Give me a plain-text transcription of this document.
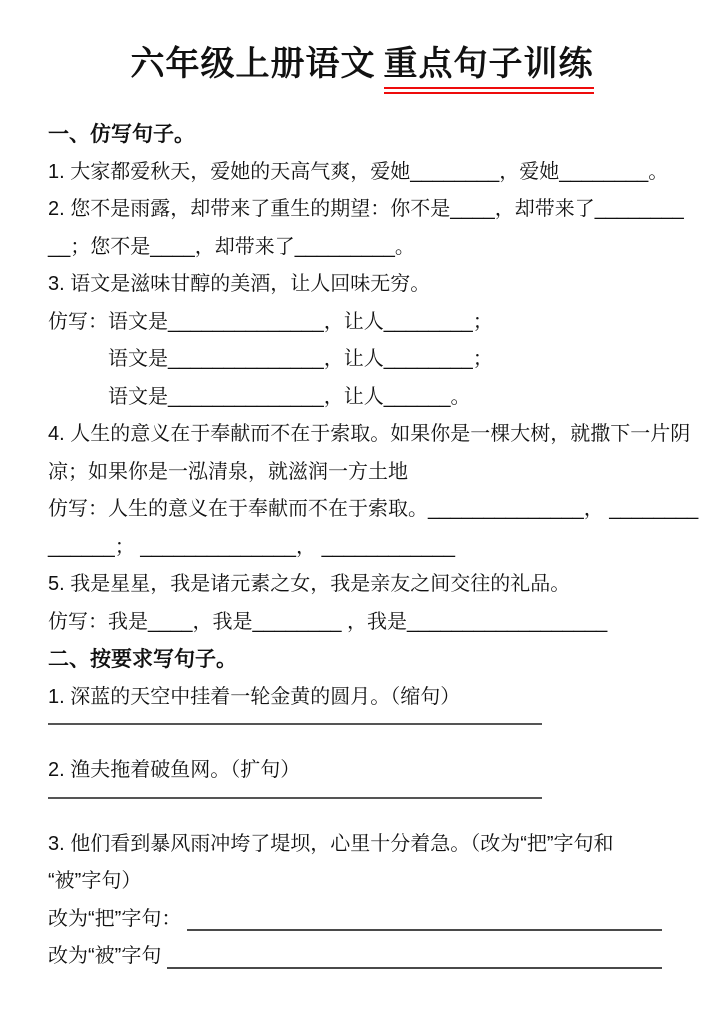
六年级上册语文 重点句子训练
一、仿写句子。
1. 大家都爱秋天，爱她的天高气爽，爱她________，爱她________。
2. 您不是雨露，却带来了重生的期望：你不是____，却带来了________
__；您不是____，却带来了_________。
3. 语文是滋味甘醇的美酒，让人回味无穷。
仿写：语文是______________，让人________；
语文是______________，让人________；
语文是______________，让人______。
4. 人生的意义在于奉献而不在于索取。如果你是一棵大树，就撒下一片阴
凉；如果你是一泓清泉，就滋润一方土地
仿写：人生的意义在于奉献而不在于索取。______________， ________
______； ______________， ____________
5. 我是星星，我是诸元素之女，我是亲友之间交往的礼品。
仿写：我是____，我是________ ，我是__________________
二、按要求写句子。
1. 深蓝的天空中挂着一轮金黄的圆月。（缩句）
2. 渔夫拖着破鱼网。（扩句）
3. 他们看到暴风雨冲垮了堤坝，心里十分着急。（改为“把”字句和
“被”字句）
改为“把”字句：
改为“被”字句
